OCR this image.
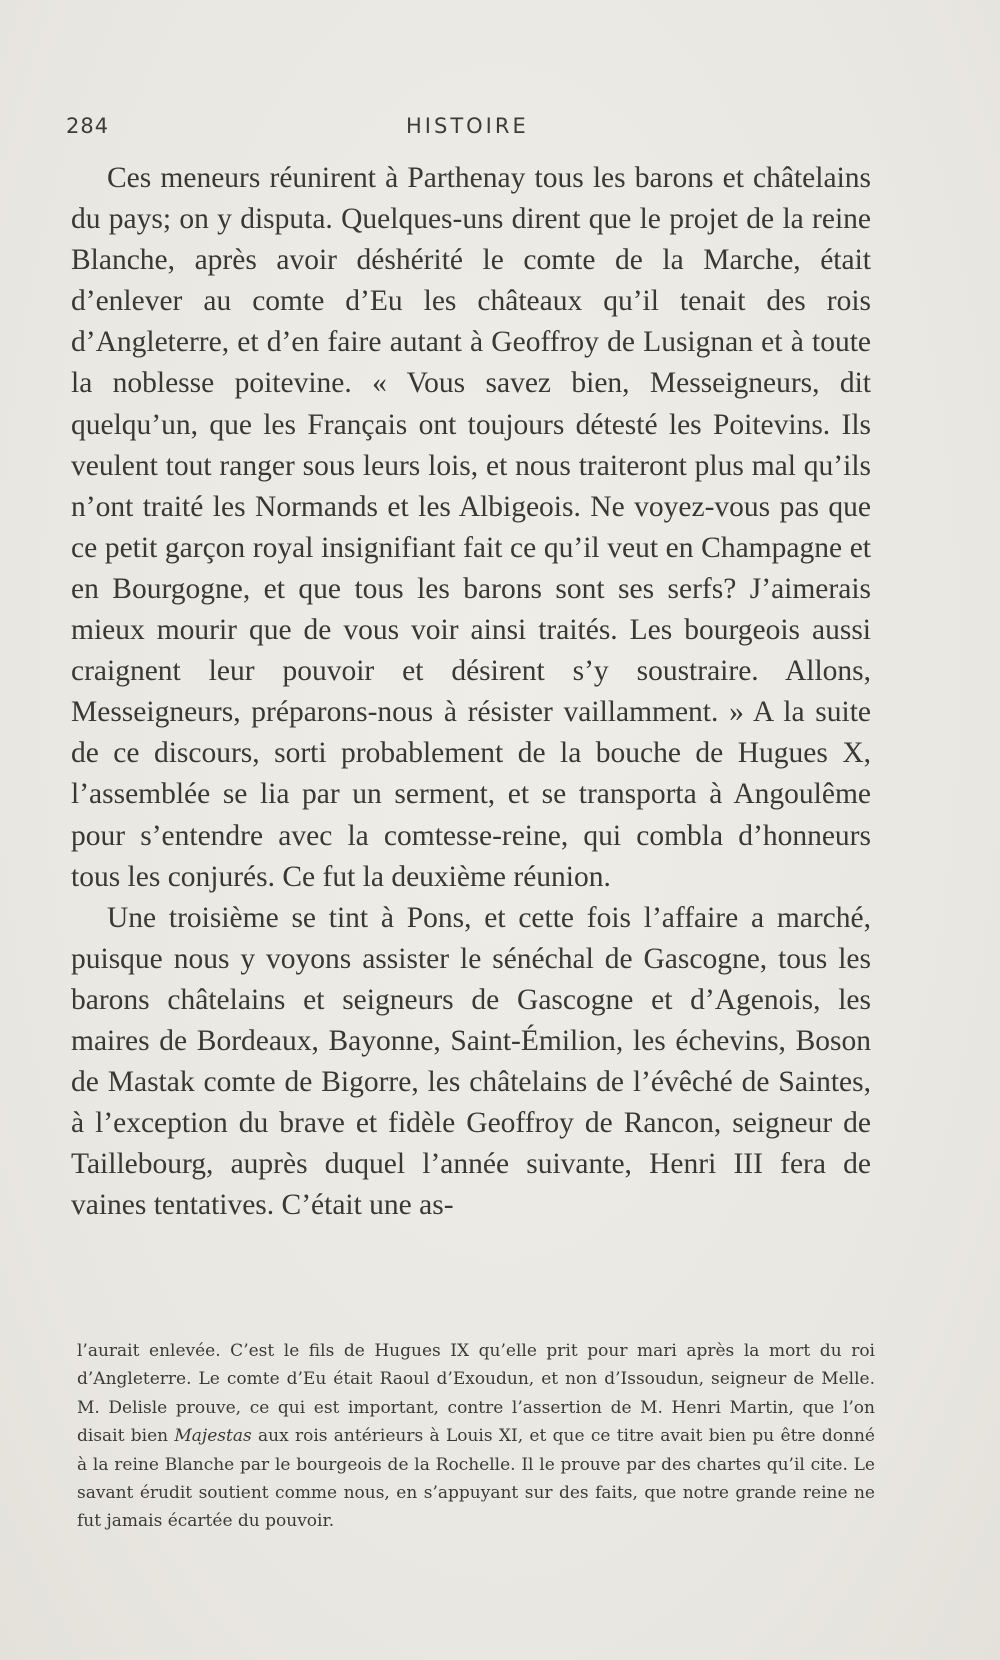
284	HISTOIRE

Ces meneurs réunirent à Parthenay tous les barons et châtelains du pays; on y disputa. Quelques-uns dirent que le projet de la reine Blanche, après avoir déshérité le comte de la Marche, était d’enlever au comte d’Eu les châteaux qu’il tenait des rois d’Angleterre, et d’en faire autant à Geoffroy de Lusignan et à toute la noblesse poitevine. « Vous savez bien, Messeigneurs, dit quelqu’un, que les Français ont toujours détesté les Poitevins. Ils veulent tout ranger sous leurs lois, et nous traiteront plus mal qu’ils n’ont traité les Normands et les Albigeois. Ne voyez-vous pas que ce petit garçon royal insignifiant fait ce qu’il veut en Champagne et en Bourgogne, et que tous les barons sont ses serfs? J’aimerais mieux mourir que de vous voir ainsi traités. Les bourgeois aussi craignent leur pouvoir et désirent s’y soustraire. Allons, Messeigneurs, préparons-nous à résister vaillamment. » A la suite de ce discours, sorti probablement de la bouche de Hugues X, l’assemblée se lia par un serment, et se transporta à Angoulême pour s’entendre avec la comtesse-reine, qui combla d’honneurs tous les conjurés. Ce fut la deuxième réunion.

Une troisième se tint à Pons, et cette fois l’affaire a marché, puisque nous y voyons assister le sénéchal de Gascogne, tous les barons châtelains et seigneurs de Gascogne et d’Agenois, les maires de Bordeaux, Bayonne, Saint-Émilion, les échevins, Boson de Mastak comte de Bigorre, les châtelains de l’évêché de Saintes, à l’exception du brave et fidèle Geoffroy de Rancon, seigneur de Taillebourg, auprès duquel l’année suivante, Henri III fera de vaines tentatives. C’était une as-

l’aurait enlevée. C’est le fils de Hugues IX qu’elle prit pour mari après la mort du roi d’Angleterre. Le comte d’Eu était Raoul d’Exoudun, et non d’Issoudun, seigneur de Melle. M. Delisle prouve, ce qui est important, contre l’assertion de M. Henri Martin, que l’on disait bien Majestas aux rois antérieurs à Louis XI, et que ce titre avait bien pu être donné à la reine Blanche par le bourgeois de la Rochelle. Il le prouve par des chartes qu’il cite. Le savant érudit soutient comme nous, en s’appuyant sur des faits, que notre grande reine ne fut jamais écartée du pouvoir.
